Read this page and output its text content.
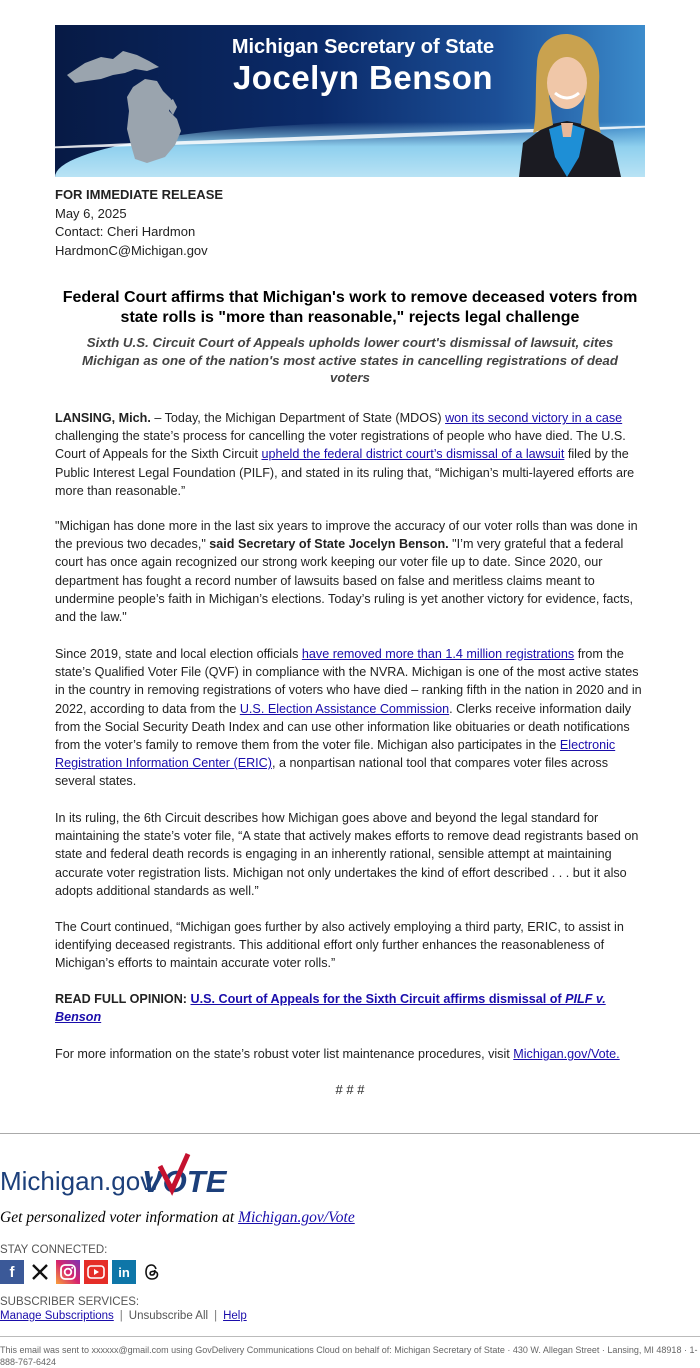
Michigan Secretary of State
Jocelyn Benson
FOR IMMEDIATE RELEASE
May 6, 2025
Contact: Cheri Hardmon
HardmonC@Michigan.gov
Federal Court affirms that Michigan's work to remove deceased voters from state rolls is "more than reasonable," rejects legal challenge
Sixth U.S. Circuit Court of Appeals upholds lower court's dismissal of lawsuit, cites Michigan as one of the nation's most active states in cancelling registrations of dead voters
LANSING, Mich. – Today, the Michigan Department of State (MDOS) won its second victory in a case challenging the state’s process for cancelling the voter registrations of people who have died. The U.S. Court of Appeals for the Sixth Circuit upheld the federal district court’s dismissal of a lawsuit filed by the Public Interest Legal Foundation (PILF), and stated in its ruling that, “Michigan’s multi-layered efforts are more than reasonable.”
"Michigan has done more in the last six years to improve the accuracy of our voter rolls than was done in the previous two decades," said Secretary of State Jocelyn Benson. "I’m very grateful that a federal court has once again recognized our strong work keeping our voter file up to date. Since 2020, our department has fought a record number of lawsuits based on false and meritless claims meant to undermine people’s faith in Michigan’s elections. Today’s ruling is yet another victory for evidence, facts, and the law."
Since 2019, state and local election officials have removed more than 1.4 million registrations from the state’s Qualified Voter File (QVF) in compliance with the NVRA. Michigan is one of the most active states in the country in removing registrations of voters who have died – ranking fifth in the nation in 2020 and in 2022, according to data from the U.S. Election Assistance Commission. Clerks receive information daily from the Social Security Death Index and can use other information like obituaries or death notifications from the voter’s family to remove them from the voter file. Michigan also participates in the Electronic Registration Information Center (ERIC), a nonpartisan national tool that compares voter files across several states.
In its ruling, the 6th Circuit describes how Michigan goes above and beyond the legal standard for maintaining the state’s voter file, “A state that actively makes efforts to remove dead registrants based on state and federal death records is engaging in an inherently rational, sensible attempt at maintaining accurate voter registration lists. Michigan not only undertakes the kind of effort described . . . but it also adopts additional standards as well.”
The Court continued, “Michigan goes further by also actively employing a third party, ERIC, to assist in identifying deceased registrants. This additional effort only further enhances the reasonableness of Michigan’s efforts to maintain accurate voter rolls.”
READ FULL OPINION: U.S. Court of Appeals for the Sixth Circuit affirms dismissal of PILF v. Benson
For more information on the state’s robust voter list maintenance procedures, visit Michigan.gov/Vote.
# # #
Michigan.gov/
VOTE
Get personalized voter information at Michigan.gov/Vote
STAY CONNECTED:
f	in
SUBSCRIBER SERVICES:
Manage Subscriptions | Unsubscribe All | Help
This email was sent to xxxxxx@gmail.com using GovDelivery Communications Cloud on behalf of: Michigan Secretary of State · 430 W. Allegan Street · Lansing, MI 48918 · 1-888-767-6424
